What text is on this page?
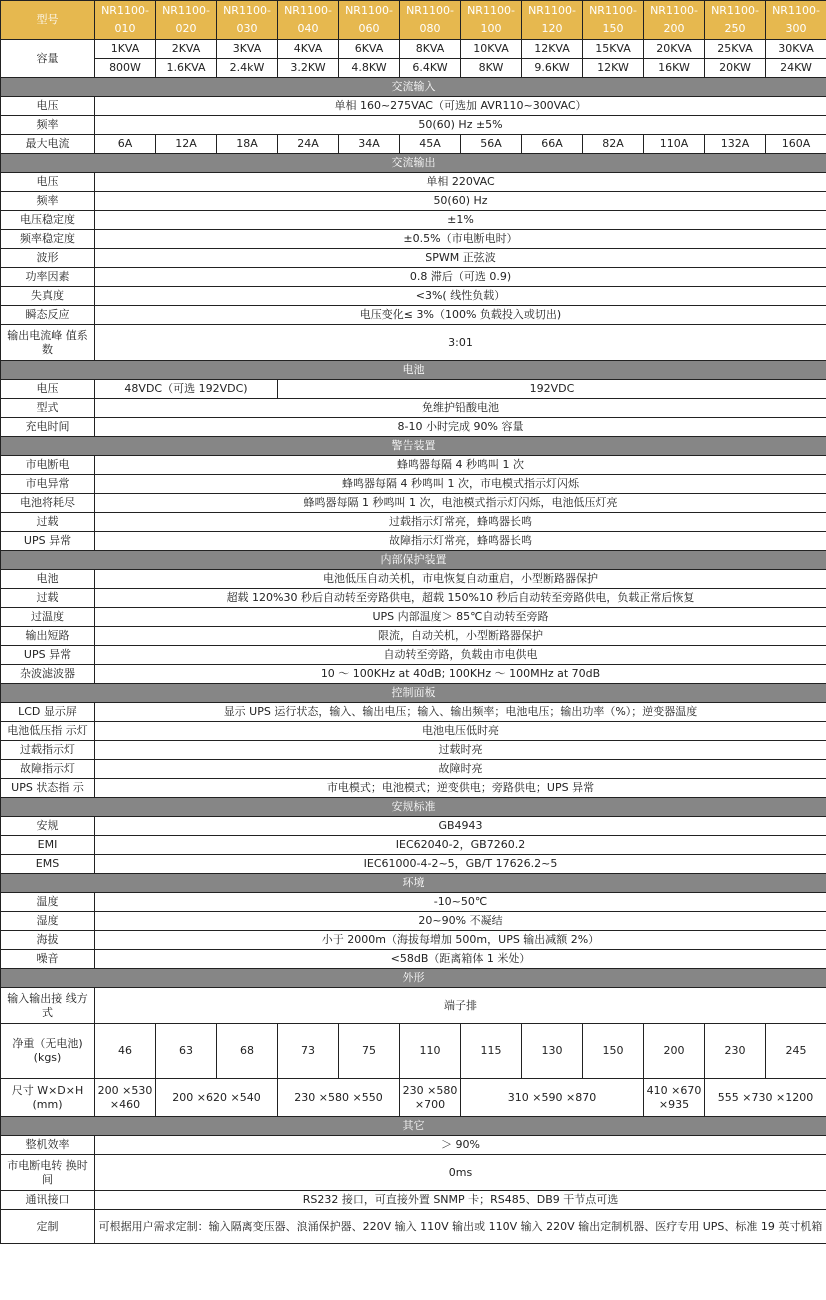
型号	NR1100-010	NR1100-020	NR1100-030	NR1100-040	NR1100-060	NR1100-080	NR1100-100	NR1100-120	NR1100-150	NR1100-200	NR1100-250	NR1100-300
容量	1KVA	2KVA	3KVA	4KVA	6KVA	8KVA	10KVA	12KVA	15KVA	20KVA	25KVA	30KVA
	800W	1.6KVA	2.4kW	3.2KW	4.8KW	6.4KW	8KW	9.6KW	12KW	16KW	20KW	24KW
交流输入												
电压	单相 160~275VAC（可选加 AVR110~300VAC）											
频率	50(60) Hz ±5%											
最大电流	6A	12A	18A	24A	34A	45A	56A	66A	82A	110A	132A	160A
交流输出												
电压	单相 220VAC											
频率	50(60) Hz											
电压稳定度	±1%											
频率稳定度	±0.5%（市电断电时）											
波形	SPWM 正弦波											
功率因素	0.8 滞后（可选 0.9)											
失真度	<3%( 线性负载）											
瞬态反应	电压变化≤ 3%（100% 负载投入或切出)											
输出电流峰 值系数	3:01											
电池												
电压	48VDC（可选 192VDC)			192VDC								
型式	免维护铅酸电池											
充电时间	8-10 小时完成 90% 容量											
警告装置												
市电断电	蜂鸣器每隔 4 秒鸣叫 1 次											
市电异常	蜂鸣器每隔 4 秒鸣叫 1 次，市电模式指示灯闪烁											
电池将耗尽	蜂鸣器每隔 1 秒鸣叫 1 次，电池模式指示灯闪烁，电池低压灯亮											
过载	过载指示灯常亮，蜂鸣器长鸣											
UPS 异常	故障指示灯常亮，蜂鸣器长鸣											
内部保护装置												
电池	电池低压自动关机，市电恢复自动重启，小型断路器保护											
过载	超载 120%30 秒后自动转至旁路供电，超载 150%10 秒后自动转至旁路供电，负载正常后恢复											
过温度	UPS 内部温度＞ 85℃自动转至旁路											
输出短路	限流，自动关机，小型断路器保护											
UPS 异常	自动转至旁路，负载由市电供电											
杂波滤波器	10 ～ 100KHz at 40dB; 100KHz ～ 100MHz at 70dB											
控制面板												
LCD 显示屏	显示 UPS 运行状态，输入、输出电压；输入、输出频率；电池电压；输出功率（%）；逆变器温度											
电池低压指 示灯	电池电压低时亮											
过载指示灯	过载时亮											
故障指示灯	故障时亮											
UPS 状态指 示	市电模式；电池模式；逆变供电；旁路供电；UPS 异常											
安规标准												
安规	GB4943											
EMI	IEC62040-2，GB7260.2											
EMS	IEC61000-4-2~5，GB/T 17626.2~5											
环境												
温度	-10~50℃											
湿度	20~90% 不凝结											
海拔	小于 2000m（海拔每增加 500m，UPS 输出减额 2%）											
噪音	<58dB（距离箱体 1 米处）											
外形												
输入输出接 线方式	端子排											
净重（无电池)(kgs)	46	63	68	73	75	110	115	130	150	200	230	245
尺寸 W×D×H (mm)	200 ×530 ×460	200 ×620 ×540		230 ×580 ×550		230 ×580 ×700	310 ×590 ×870			410 ×670 ×935	555 ×730 ×1200	
其它												
整机效率	＞ 90%											
市电断电转 换时间	0ms											
通讯接口	RS232 接口，可直接外置 SNMP 卡；RS485、DB9 干节点可选											
定制	可根据用户需求定制：输入隔离变压器、浪涌保护器、220V 输入 110V 输出或 110V 输入 220V 输出定制机器、医疗专用 UPS、标准 19 英寸机箱											
